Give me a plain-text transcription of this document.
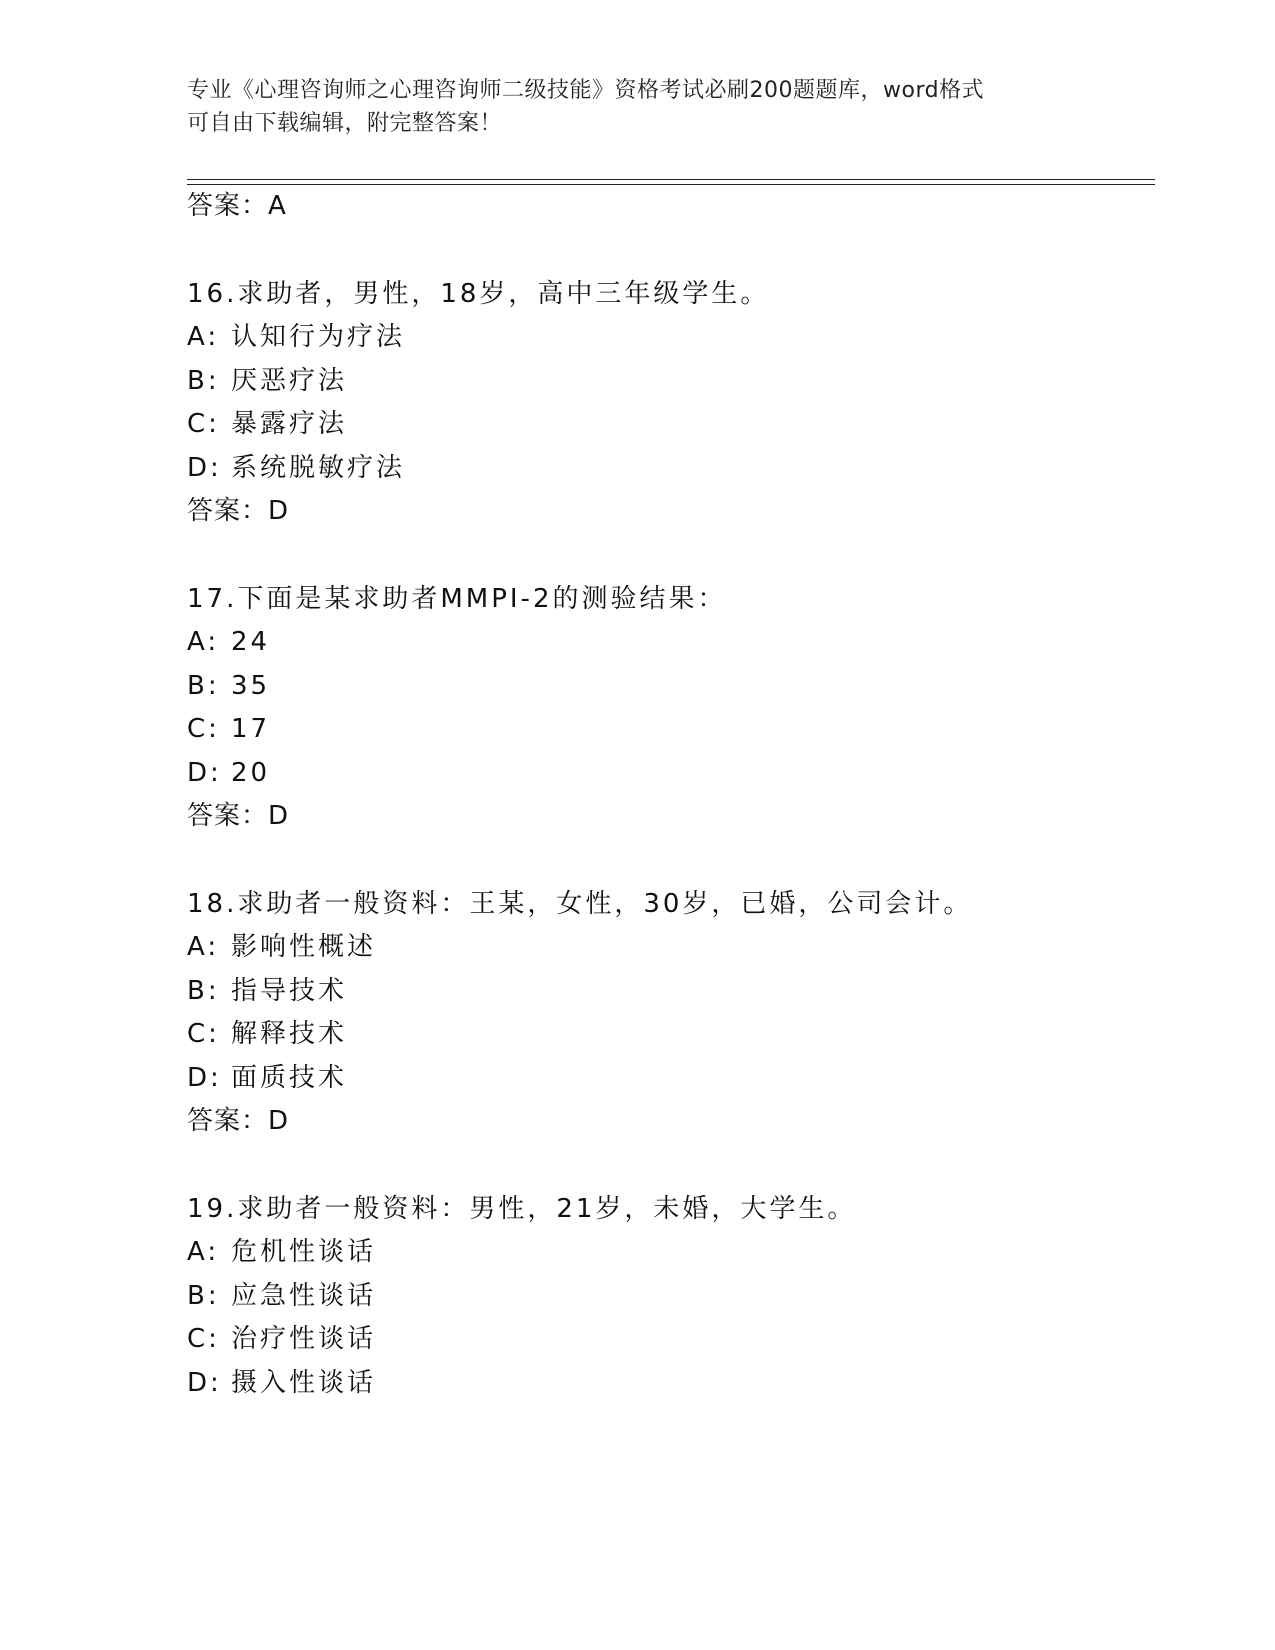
专业《心理咨询师之心理咨询师二级技能》资格考试必刷200题题库，word格式
可自由下载编辑，附完整答案！
答案：A
16.求助者，男性，18岁，高中三年级学生。
A: 认知行为疗法
B: 厌恶疗法
C: 暴露疗法
D: 系统脱敏疗法
答案：D
17.下面是某求助者MMPI-2的测验结果：
A: 24
B: 35
C: 17
D: 20
答案：D
18.求助者一般资料：王某，女性，30岁，已婚，公司会计。
A: 影响性概述
B: 指导技术
C: 解释技术
D: 面质技术
答案：D
19.求助者一般资料：男性，21岁，未婚，大学生。
A: 危机性谈话
B: 应急性谈话
C: 治疗性谈话
D: 摄入性谈话
